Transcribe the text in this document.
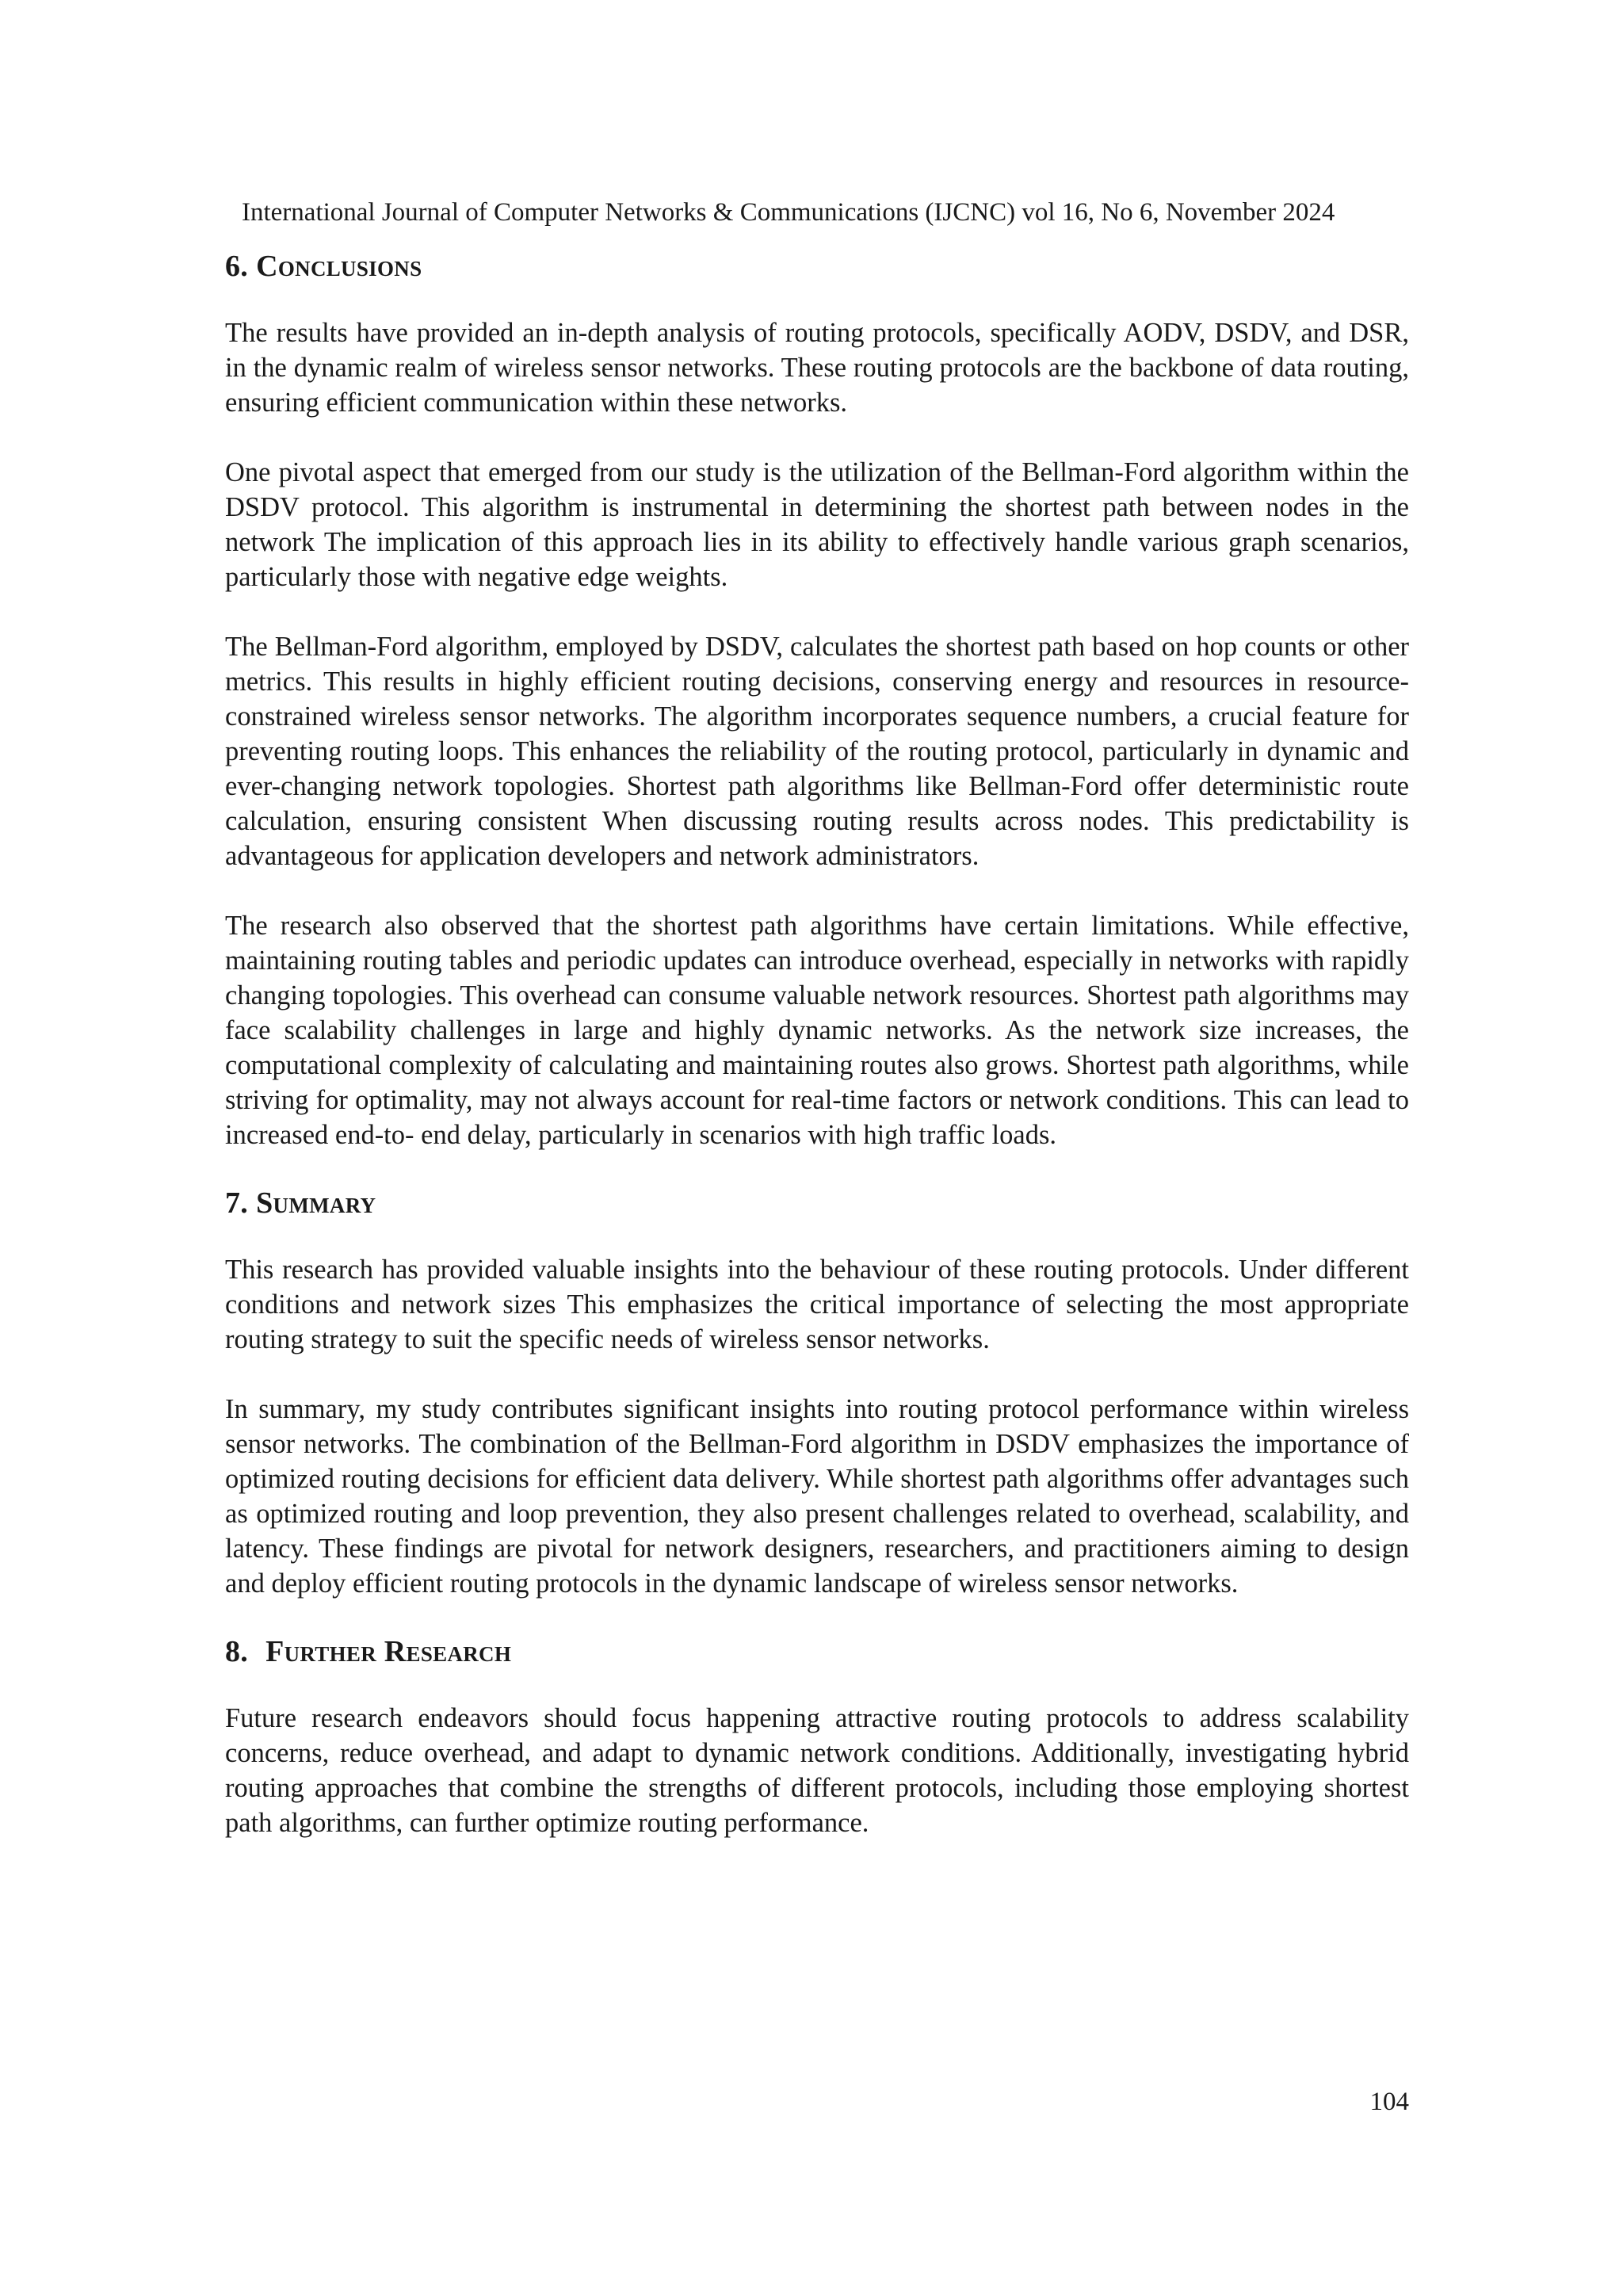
International Journal of Computer Networks & Communications (IJCNC) vol 16, No 6, November 2024
6. Conclusions

The results have provided an in-depth analysis of routing protocols, specifically AODV, DSDV, and DSR, in the dynamic realm of wireless sensor networks. These routing protocols are the backbone of data routing, ensuring efficient communication within these networks.

One pivotal aspect that emerged from our study is the utilization of the Bellman-Ford algorithm within the DSDV protocol. This algorithm is instrumental in determining the shortest path between nodes in the network The implication of this approach lies in its ability to effectively handle various graph scenarios, particularly those with negative edge weights.

The Bellman-Ford algorithm, employed by DSDV, calculates the shortest path based on hop counts or other metrics. This results in highly efficient routing decisions, conserving energy and resources in resource-constrained wireless sensor networks. The algorithm incorporates sequence numbers, a crucial feature for preventing routing loops. This enhances the reliability of the routing protocol, particularly in dynamic and ever-changing network topologies. Shortest path algorithms like Bellman-Ford offer deterministic route calculation, ensuring consistent When discussing routing results across nodes. This predictability is advantageous for application developers and network administrators.

The research also observed that the shortest path algorithms have certain limitations. While effective, maintaining routing tables and periodic updates can introduce overhead, especially in networks with rapidly changing topologies. This overhead can consume valuable network resources. Shortest path algorithms may face scalability challenges in large and highly dynamic networks. As the network size increases, the computational complexity of calculating and maintaining routes also grows. Shortest path algorithms, while striving for optimality, may not always account for real-time factors or network conditions. This can lead to increased end-to- end delay, particularly in scenarios with high traffic loads.

7. Summary

This research has provided valuable insights into the behaviour of these routing protocols. Under different conditions and network sizes This emphasizes the critical importance of selecting the most appropriate routing strategy to suit the specific needs of wireless sensor networks.

In summary, my study contributes significant insights into routing protocol performance within wireless sensor networks. The combination of the Bellman-Ford algorithm in DSDV emphasizes the importance of optimized routing decisions for efficient data delivery. While shortest path algorithms offer advantages such as optimized routing and loop prevention, they also present challenges related to overhead, scalability, and latency. These findings are pivotal for network designers, researchers, and practitioners aiming to design and deploy efficient routing protocols in the dynamic landscape of wireless sensor networks.

8. Further Research

Future research endeavors should focus happening attractive routing protocols to address scalability concerns, reduce overhead, and adapt to dynamic network conditions. Additionally, investigating hybrid routing approaches that combine the strengths of different protocols, including those employing shortest path algorithms, can further optimize routing performance.

104
